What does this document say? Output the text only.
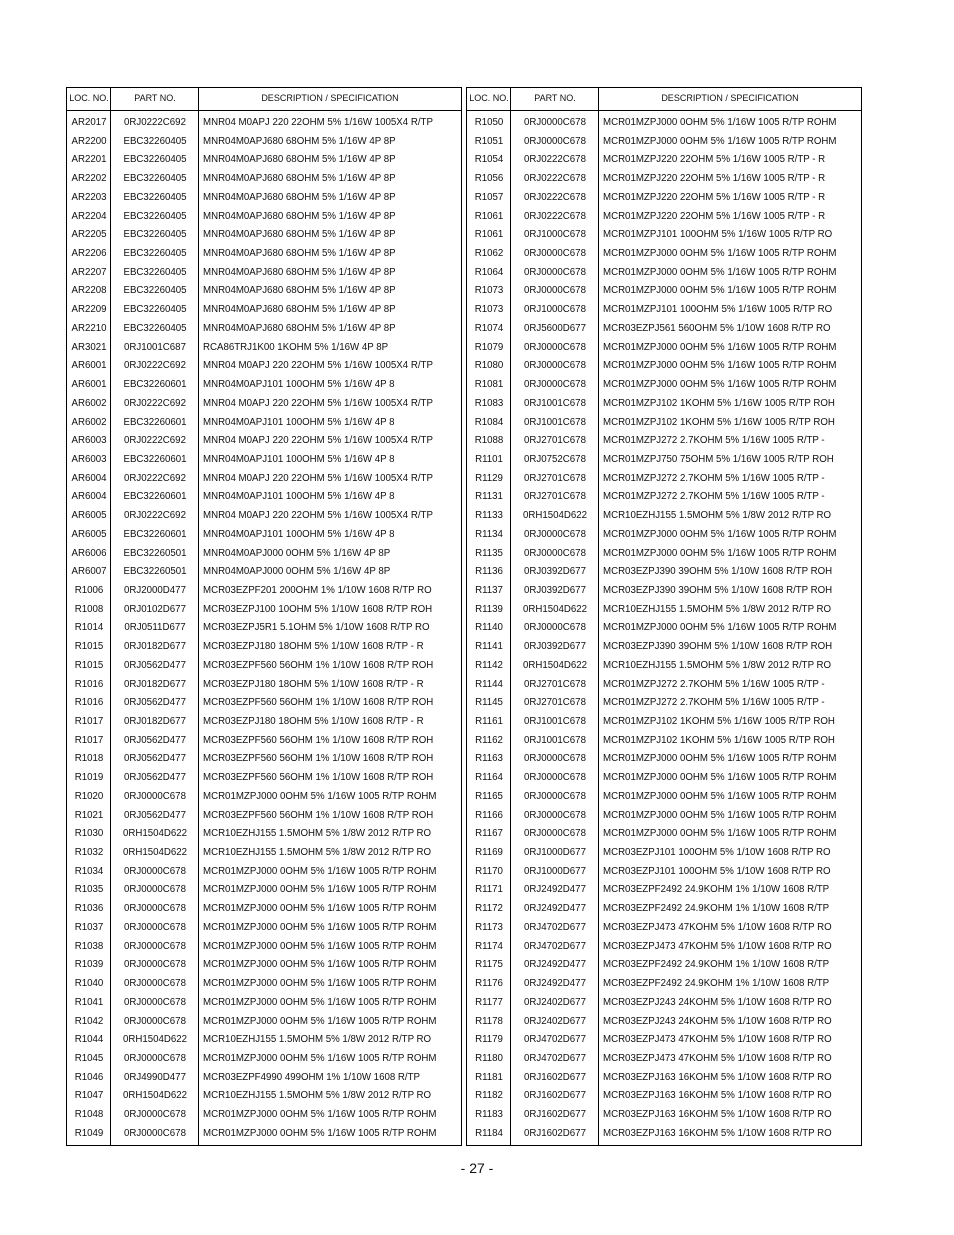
LOC. NO.	PART NO.	DESCRIPTION / SPECIFICATION
AR2017	0RJ0222C692	MNR04 M0APJ 220 22OHM 5% 1/16W 1005X4 R/TP
AR2200	EBC32260405	MNR04M0APJ680 68OHM 5% 1/16W 4P 8P
AR2201	EBC32260405	MNR04M0APJ680 68OHM 5% 1/16W 4P 8P
AR2202	EBC32260405	MNR04M0APJ680 68OHM 5% 1/16W 4P 8P
AR2203	EBC32260405	MNR04M0APJ680 68OHM 5% 1/16W 4P 8P
AR2204	EBC32260405	MNR04M0APJ680 68OHM 5% 1/16W 4P 8P
AR2205	EBC32260405	MNR04M0APJ680 68OHM 5% 1/16W 4P 8P
AR2206	EBC32260405	MNR04M0APJ680 68OHM 5% 1/16W 4P 8P
AR2207	EBC32260405	MNR04M0APJ680 68OHM 5% 1/16W 4P 8P
AR2208	EBC32260405	MNR04M0APJ680 68OHM 5% 1/16W 4P 8P
AR2209	EBC32260405	MNR04M0APJ680 68OHM 5% 1/16W 4P 8P
AR2210	EBC32260405	MNR04M0APJ680 68OHM 5% 1/16W 4P 8P
AR3021	0RJ1001C687	RCA86TRJ1K00 1KOHM 5% 1/16W 4P 8P
AR6001	0RJ0222C692	MNR04 M0APJ 220 22OHM 5% 1/16W 1005X4 R/TP
AR6001	EBC32260601	MNR04M0APJ101 100OHM 5% 1/16W 4P 8
AR6002	0RJ0222C692	MNR04 M0APJ 220 22OHM 5% 1/16W 1005X4 R/TP
AR6002	EBC32260601	MNR04M0APJ101 100OHM 5% 1/16W 4P 8
AR6003	0RJ0222C692	MNR04 M0APJ 220 22OHM 5% 1/16W 1005X4 R/TP
AR6003	EBC32260601	MNR04M0APJ101 100OHM 5% 1/16W 4P 8
AR6004	0RJ0222C692	MNR04 M0APJ 220 22OHM 5% 1/16W 1005X4 R/TP
AR6004	EBC32260601	MNR04M0APJ101 100OHM 5% 1/16W 4P 8
AR6005	0RJ0222C692	MNR04 M0APJ 220 22OHM 5% 1/16W 1005X4 R/TP
AR6005	EBC32260601	MNR04M0APJ101 100OHM 5% 1/16W 4P 8
AR6006	EBC32260501	MNR04M0APJ000 0OHM 5% 1/16W 4P 8P
AR6007	EBC32260501	MNR04M0APJ000 0OHM 5% 1/16W 4P 8P
R1006	0RJ2000D477	MCR03EZPF201 200OHM 1% 1/10W 1608 R/TP RO
R1008	0RJ0102D677	MCR03EZPJ100 10OHM 5% 1/10W 1608 R/TP ROH
R1014	0RJ0511D677	MCR03EZPJ5R1 5.1OHM 5% 1/10W 1608 R/TP RO
R1015	0RJ0182D677	MCR03EZPJ180 18OHM 5% 1/10W 1608 R/TP - R
R1015	0RJ0562D477	MCR03EZPF560 56OHM 1% 1/10W 1608 R/TP ROH
R1016	0RJ0182D677	MCR03EZPJ180 18OHM 5% 1/10W 1608 R/TP - R
R1016	0RJ0562D477	MCR03EZPF560 56OHM 1% 1/10W 1608 R/TP ROH
R1017	0RJ0182D677	MCR03EZPJ180 18OHM 5% 1/10W 1608 R/TP - R
R1017	0RJ0562D477	MCR03EZPF560 56OHM 1% 1/10W 1608 R/TP ROH
R1018	0RJ0562D477	MCR03EZPF560 56OHM 1% 1/10W 1608 R/TP ROH
R1019	0RJ0562D477	MCR03EZPF560 56OHM 1% 1/10W 1608 R/TP ROH
R1020	0RJ0000C678	MCR01MZPJ000 0OHM 5% 1/16W 1005 R/TP ROHM
R1021	0RJ0562D477	MCR03EZPF560 56OHM 1% 1/10W 1608 R/TP ROH
R1030	0RH1504D622	MCR10EZHJ155 1.5MOHM 5% 1/8W 2012 R/TP RO
R1032	0RH1504D622	MCR10EZHJ155 1.5MOHM 5% 1/8W 2012 R/TP RO
R1034	0RJ0000C678	MCR01MZPJ000 0OHM 5% 1/16W 1005 R/TP ROHM
R1035	0RJ0000C678	MCR01MZPJ000 0OHM 5% 1/16W 1005 R/TP ROHM
R1036	0RJ0000C678	MCR01MZPJ000 0OHM 5% 1/16W 1005 R/TP ROHM
R1037	0RJ0000C678	MCR01MZPJ000 0OHM 5% 1/16W 1005 R/TP ROHM
R1038	0RJ0000C678	MCR01MZPJ000 0OHM 5% 1/16W 1005 R/TP ROHM
R1039	0RJ0000C678	MCR01MZPJ000 0OHM 5% 1/16W 1005 R/TP ROHM
R1040	0RJ0000C678	MCR01MZPJ000 0OHM 5% 1/16W 1005 R/TP ROHM
R1041	0RJ0000C678	MCR01MZPJ000 0OHM 5% 1/16W 1005 R/TP ROHM
R1042	0RJ0000C678	MCR01MZPJ000 0OHM 5% 1/16W 1005 R/TP ROHM
R1044	0RH1504D622	MCR10EZHJ155 1.5MOHM 5% 1/8W 2012 R/TP RO
R1045	0RJ0000C678	MCR01MZPJ000 0OHM 5% 1/16W 1005 R/TP ROHM
R1046	0RJ4990D477	MCR03EZPF4990 499OHM 1% 1/10W 1608 R/TP
R1047	0RH1504D622	MCR10EZHJ155 1.5MOHM 5% 1/8W 2012 R/TP RO
R1048	0RJ0000C678	MCR01MZPJ000 0OHM 5% 1/16W 1005 R/TP ROHM
R1049	0RJ0000C678	MCR01MZPJ000 0OHM 5% 1/16W 1005 R/TP ROHM
LOC. NO.	PART NO.	DESCRIPTION / SPECIFICATION
R1050	0RJ0000C678	MCR01MZPJ000 0OHM 5% 1/16W 1005 R/TP ROHM
R1051	0RJ0000C678	MCR01MZPJ000 0OHM 5% 1/16W 1005 R/TP ROHM
R1054	0RJ0222C678	MCR01MZPJ220 22OHM 5% 1/16W 1005 R/TP - R
R1056	0RJ0222C678	MCR01MZPJ220 22OHM 5% 1/16W 1005 R/TP - R
R1057	0RJ0222C678	MCR01MZPJ220 22OHM 5% 1/16W 1005 R/TP - R
R1061	0RJ0222C678	MCR01MZPJ220 22OHM 5% 1/16W 1005 R/TP - R
R1061	0RJ1000C678	MCR01MZPJ101 100OHM 5% 1/16W 1005 R/TP RO
R1062	0RJ0000C678	MCR01MZPJ000 0OHM 5% 1/16W 1005 R/TP ROHM
R1064	0RJ0000C678	MCR01MZPJ000 0OHM 5% 1/16W 1005 R/TP ROHM
R1073	0RJ0000C678	MCR01MZPJ000 0OHM 5% 1/16W 1005 R/TP ROHM
R1073	0RJ1000C678	MCR01MZPJ101 100OHM 5% 1/16W 1005 R/TP RO
R1074	0RJ5600D677	MCR03EZPJ561 560OHM 5% 1/10W 1608 R/TP RO
R1079	0RJ0000C678	MCR01MZPJ000 0OHM 5% 1/16W 1005 R/TP ROHM
R1080	0RJ0000C678	MCR01MZPJ000 0OHM 5% 1/16W 1005 R/TP ROHM
R1081	0RJ0000C678	MCR01MZPJ000 0OHM 5% 1/16W 1005 R/TP ROHM
R1083	0RJ1001C678	MCR01MZPJ102 1KOHM 5% 1/16W 1005 R/TP ROH
R1084	0RJ1001C678	MCR01MZPJ102 1KOHM 5% 1/16W 1005 R/TP ROH
R1088	0RJ2701C678	MCR01MZPJ272 2.7KOHM 5% 1/16W 1005 R/TP -
R1101	0RJ0752C678	MCR01MZPJ750 75OHM 5% 1/16W 1005 R/TP ROH
R1129	0RJ2701C678	MCR01MZPJ272 2.7KOHM 5% 1/16W 1005 R/TP -
R1131	0RJ2701C678	MCR01MZPJ272 2.7KOHM 5% 1/16W 1005 R/TP -
R1133	0RH1504D622	MCR10EZHJ155 1.5MOHM 5% 1/8W 2012 R/TP RO
R1134	0RJ0000C678	MCR01MZPJ000 0OHM 5% 1/16W 1005 R/TP ROHM
R1135	0RJ0000C678	MCR01MZPJ000 0OHM 5% 1/16W 1005 R/TP ROHM
R1136	0RJ0392D677	MCR03EZPJ390 39OHM 5% 1/10W 1608 R/TP ROH
R1137	0RJ0392D677	MCR03EZPJ390 39OHM 5% 1/10W 1608 R/TP ROH
R1139	0RH1504D622	MCR10EZHJ155 1.5MOHM 5% 1/8W 2012 R/TP RO
R1140	0RJ0000C678	MCR01MZPJ000 0OHM 5% 1/16W 1005 R/TP ROHM
R1141	0RJ0392D677	MCR03EZPJ390 39OHM 5% 1/10W 1608 R/TP ROH
R1142	0RH1504D622	MCR10EZHJ155 1.5MOHM 5% 1/8W 2012 R/TP RO
R1144	0RJ2701C678	MCR01MZPJ272 2.7KOHM 5% 1/16W 1005 R/TP -
R1145	0RJ2701C678	MCR01MZPJ272 2.7KOHM 5% 1/16W 1005 R/TP -
R1161	0RJ1001C678	MCR01MZPJ102 1KOHM 5% 1/16W 1005 R/TP ROH
R1162	0RJ1001C678	MCR01MZPJ102 1KOHM 5% 1/16W 1005 R/TP ROH
R1163	0RJ0000C678	MCR01MZPJ000 0OHM 5% 1/16W 1005 R/TP ROHM
R1164	0RJ0000C678	MCR01MZPJ000 0OHM 5% 1/16W 1005 R/TP ROHM
R1165	0RJ0000C678	MCR01MZPJ000 0OHM 5% 1/16W 1005 R/TP ROHM
R1166	0RJ0000C678	MCR01MZPJ000 0OHM 5% 1/16W 1005 R/TP ROHM
R1167	0RJ0000C678	MCR01MZPJ000 0OHM 5% 1/16W 1005 R/TP ROHM
R1169	0RJ1000D677	MCR03EZPJ101 100OHM 5% 1/10W 1608 R/TP RO
R1170	0RJ1000D677	MCR03EZPJ101 100OHM 5% 1/10W 1608 R/TP RO
R1171	0RJ2492D477	MCR03EZPF2492 24.9KOHM 1% 1/10W 1608 R/TP
R1172	0RJ2492D477	MCR03EZPF2492 24.9KOHM 1% 1/10W 1608 R/TP
R1173	0RJ4702D677	MCR03EZPJ473 47KOHM 5% 1/10W 1608 R/TP RO
R1174	0RJ4702D677	MCR03EZPJ473 47KOHM 5% 1/10W 1608 R/TP RO
R1175	0RJ2492D477	MCR03EZPF2492 24.9KOHM 1% 1/10W 1608 R/TP
R1176	0RJ2492D477	MCR03EZPF2492 24.9KOHM 1% 1/10W 1608 R/TP
R1177	0RJ2402D677	MCR03EZPJ243 24KOHM 5% 1/10W 1608 R/TP RO
R1178	0RJ2402D677	MCR03EZPJ243 24KOHM 5% 1/10W 1608 R/TP RO
R1179	0RJ4702D677	MCR03EZPJ473 47KOHM 5% 1/10W 1608 R/TP RO
R1180	0RJ4702D677	MCR03EZPJ473 47KOHM 5% 1/10W 1608 R/TP RO
R1181	0RJ1602D677	MCR03EZPJ163 16KOHM 5% 1/10W 1608 R/TP RO
R1182	0RJ1602D677	MCR03EZPJ163 16KOHM 5% 1/10W 1608 R/TP RO
R1183	0RJ1602D677	MCR03EZPJ163 16KOHM 5% 1/10W 1608 R/TP RO
R1184	0RJ1602D677	MCR03EZPJ163 16KOHM 5% 1/10W 1608 R/TP RO
- 27 -
